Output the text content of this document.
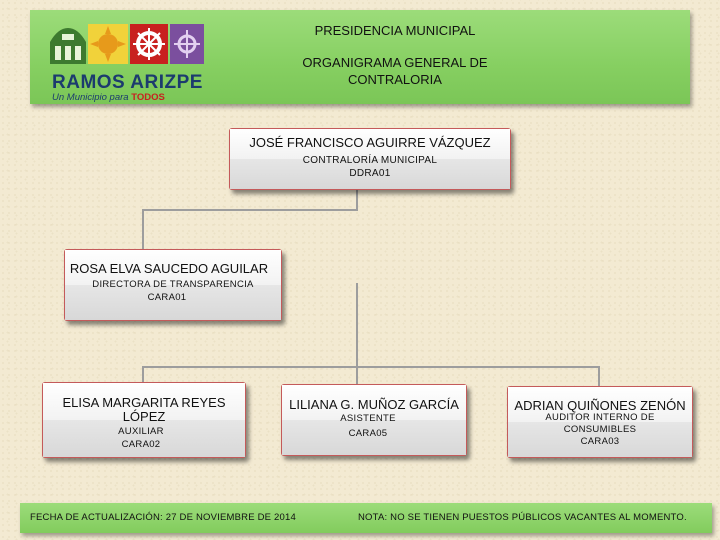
RAMOS ARIZPE
Un Municipio para TODOS
PRESIDENCIA MUNICIPAL
ORGANIGRAMA GENERAL DE
CONTRALORIA
JOSÉ FRANCISCO AGUIRRE VÁZQUEZ
CONTRALORÍA MUNICIPAL
DDRA01
ROSA ELVA SAUCEDO AGUILAR
DIRECTORA DE TRANSPARENCIA
CARA01
ELISA MARGARITA REYES
LÓPEZ
AUXILIAR
CARA02
LILIANA G. MUÑOZ GARCÍA
ASISTENTE
CARA05
ADRIAN QUIÑONES ZENÓN
AUDITOR INTERNO DE
CONSUMIBLES
CARA03
FECHA DE ACTUALIZACIÓN: 27 DE NOVIEMBRE DE 2014	NOTA: NO SE TIENEN PUESTOS PÚBLICOS VACANTES AL MOMENTO.
